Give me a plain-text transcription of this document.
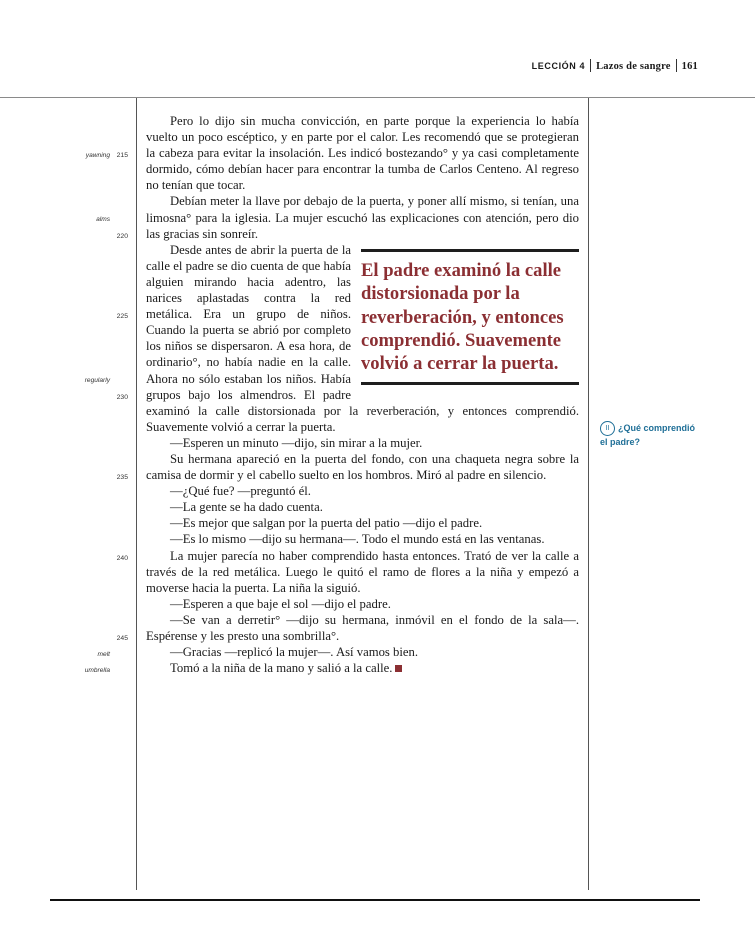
LECCIÓN 4 Lazos de sangre 161
215
220
225
230
235
240
245
yawning
alms
regularly
melt
umbrella

Pero lo dijo sin mucha convicción, en parte porque la experiencia lo había vuelto un poco escéptico, y en parte por el calor. Les recomendó que se protegieran la cabeza para evitar la insolación. Les indicó bostezando° y ya casi completamente dormido, cómo debían hacer para encontrar la tumba de Carlos Centeno. Al regreso no tenían que tocar.

Debían meter la llave por debajo de la puerta, y poner allí mismo, si tenían, una limosna° para la iglesia. La mujer escuchó las explicaciones con atención, pero dio las gracias sin sonreír.

El padre examinó la calle distorsionada por la reverberación, y entonces comprendió. Suavemente volvió a cerrar la puerta.

Desde antes de abrir la puerta de la calle el padre se dio cuenta de que había alguien mirando hacia adentro, las narices aplastadas contra la red metálica. Era un grupo de niños. Cuando la puerta se abrió por completo los niños se dispersaron. A esa hora, de ordinario°, no había nadie en la calle. Ahora no sólo estaban los niños. Había grupos bajo los almendros. El padre examinó la calle distorsionada por la reverberación, y entonces comprendió. Suavemente volvió a cerrar la puerta.

—Esperen un minuto —dijo, sin mirar a la mujer.

Su hermana apareció en la puerta del fondo, con una chaqueta negra sobre la camisa de dormir y el cabello suelto en los hombros. Miró al padre en silencio.

—¿Qué fue? —preguntó él.

—La gente se ha dado cuenta.

—Es mejor que salgan por la puerta del patio —dijo el padre.

—Es lo mismo —dijo su hermana—. Todo el mundo está en las ventanas.

La mujer parecía no haber comprendido hasta entonces. Trató de ver la calle a través de la red metálica. Luego le quitó el ramo de flores a la niña y empezó a moverse hacia la puerta. La niña la siguió.

—Esperen a que baje el sol —dijo el padre.

—Se van a derretir° —dijo su hermana, inmóvil en el fondo de la sala—. Espérense y les presto una sombrilla°.

—Gracias —replicó la mujer—. Así vamos bien.

Tomó a la niña de la mano y salió a la calle.

II ¿Qué comprendió el padre?
